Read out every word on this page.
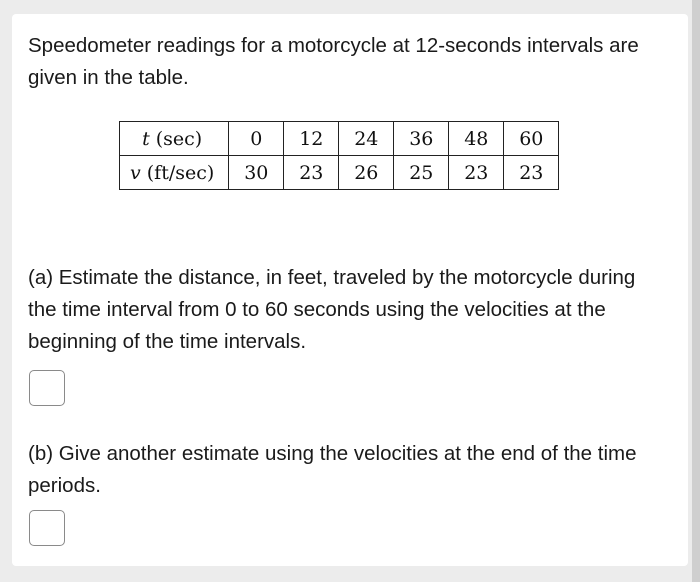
Speedometer readings for a motorcycle at 12-seconds intervals are given in the table.
t (sec)	0	12	24	36	48	60
v (ft/sec)	30	23	26	25	23	23
(a) Estimate the distance, in feet, traveled by the motorcycle during the time interval from 0 to 60 seconds using the velocities at the beginning of the time intervals.
(b) Give another estimate using the velocities at the end of the time periods.
